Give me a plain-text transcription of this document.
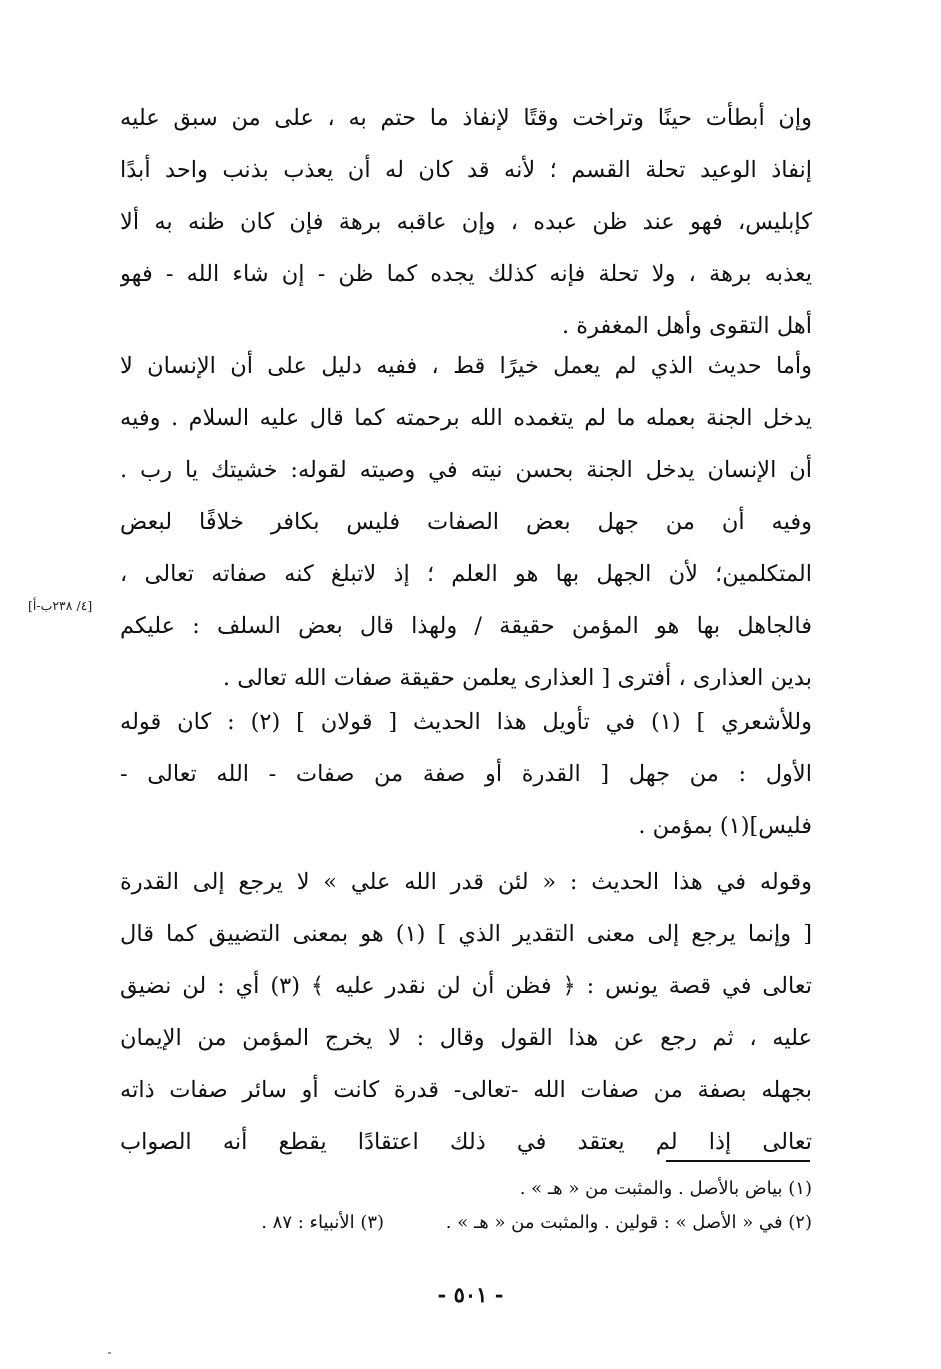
وإن أبطأت حينًا وتراخت وقتًا لإنفاذ ما حتم به ، على من سبق عليه
إنفاذ الوعيد تحلة القسم ؛ لأنه قد كان له أن يعذب بذنب واحد أبدًا
كإبليس، فهو عند ظن عبده ، وإن عاقبه برهة فإن كان ظنه به ألا
يعذبه برهة ، ولا تحلة فإنه كذلك يجده كما ظن - إن شاء الله - فهو
أهل التقوى وأهل المغفرة .
وأما حديث الذي لم يعمل خيرًا قط ، ففيه دليل على أن الإنسان لا
يدخل الجنة بعمله ما لم يتغمده الله برحمته كما قال عليه السلام . وفيه
أن الإنسان يدخل الجنة بحسن نيته في وصيته لقوله: خشيتك يا رب .
وفيه أن من جهل بعض الصفات فليس بكافر خلافًا لبعض
المتكلمين؛ لأن الجهل بها هو العلم ؛ إذ لاتبلغ كنه صفاته تعالى ،
فالجاهل بها هو المؤمن حقيقة / ولهذا قال بعض السلف : عليكم
بدين العذارى ، أفترى [ العذارى يعلمن حقيقة صفات الله تعالى .
[٤/ ٢٣٨ب-أ]
وللأشعري ] (١) في تأويل هذا الحديث [ قولان ] (٢) : كان قوله
الأول : من جهل [ القدرة أو صفة من صفات - الله تعالى -
فليس](١) بمؤمن .
وقوله في هذا الحديث : « لئن قدر الله علي » لا يرجع إلى القدرة
[ وإنما يرجع إلى معنى التقدير الذي ] (١) هو بمعنى التضييق كما قال
تعالى في قصة يونس : ﴿ فظن أن لن نقدر عليه ﴾ (٣) أي : لن نضيق
عليه ، ثم رجع عن هذا القول وقال : لا يخرج المؤمن من الإيمان
بجهله بصفة من صفات الله -تعالى- قدرة كانت أو سائر صفات ذاته
تعالى إذا لم يعتقد في ذلك اعتقادًا يقطع أنه الصواب
(١) بياض بالأصل . والمثبت من « هـ » .
(٢) في « الأصل » : قولين . والمثبت من « هـ » . (٣) الأنبياء : ٨٧ .
- ٥٠١ -
